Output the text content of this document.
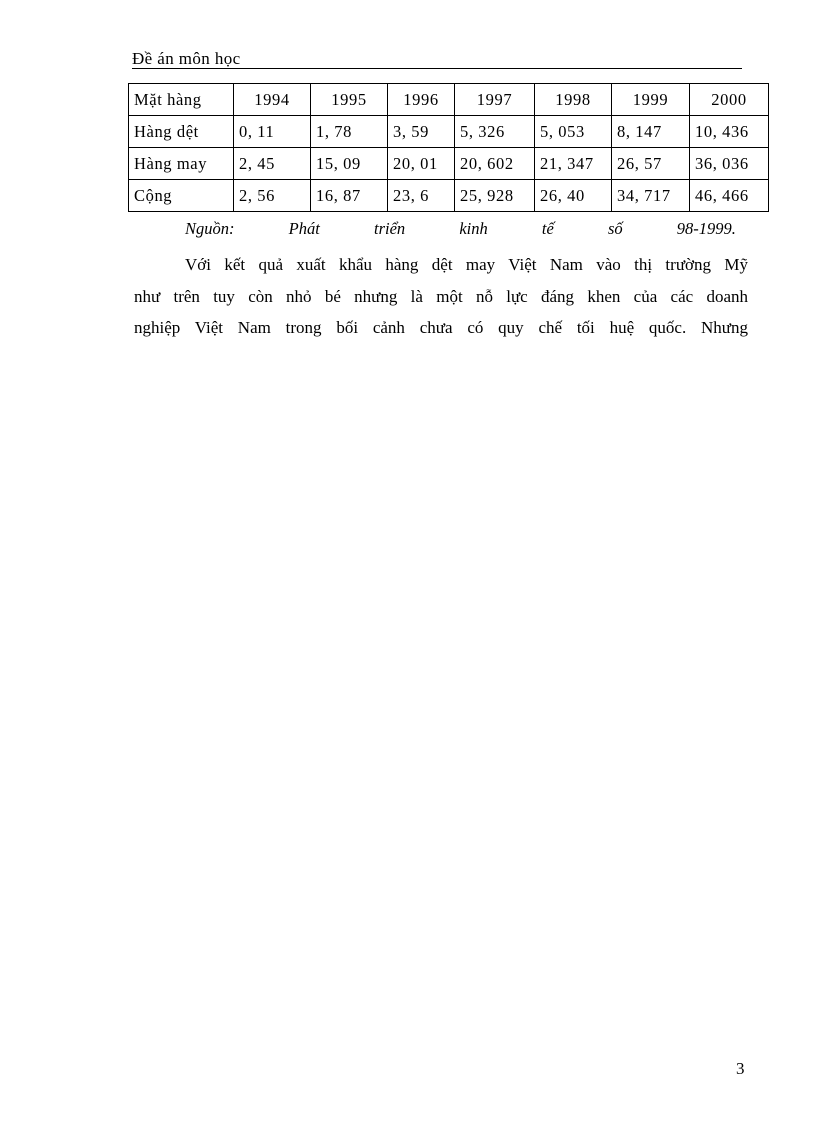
Đề án môn học
Mặt hàng	1994	1995	1996	1997	1998	1999	2000
Hàng dệt	0, 11	1, 78	3, 59	5, 326	5, 053	8, 147	10, 436
Hàng may	2, 45	15, 09	20, 01	20, 602	21, 347	26, 57	36, 036
Cộng	2, 56	16, 87	23, 6	25, 928	26, 40	34, 717	46, 466
Nguồn:	Phát	triển	kinh	tế	số	98-1999.
Với kết quả xuất khẩu hàng dệt may Việt Nam vào thị trường Mỹ
như trên tuy còn nhỏ bé nhưng là một nỗ lực đáng khen của các doanh
nghiệp Việt Nam trong bối cảnh chưa có quy chế tối huệ quốc. Nhưng
3
